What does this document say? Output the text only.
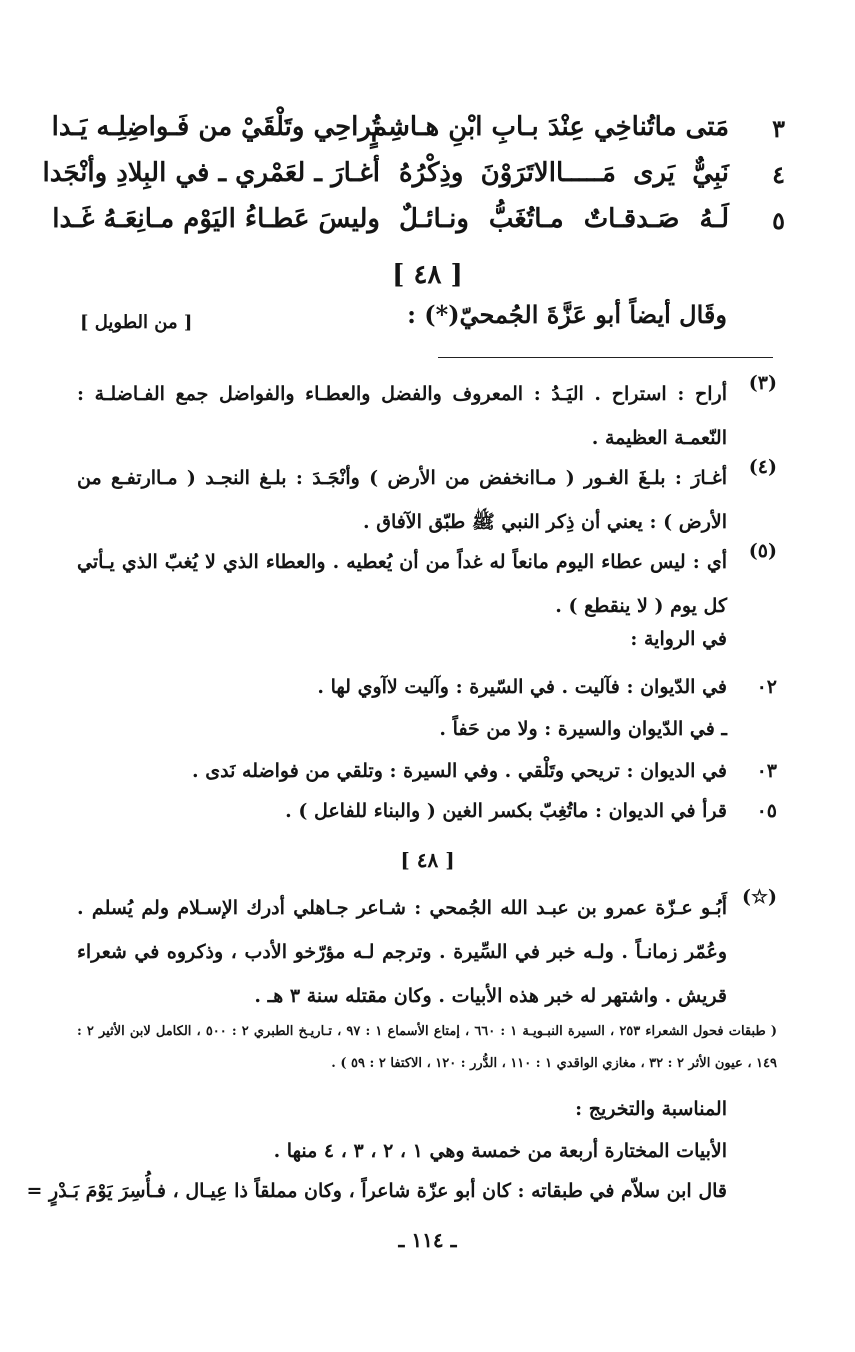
٣
مَتى ماتُناخِي عِنْدَ بـابِ ابْنِ هـاشِمٍ
تُراحِي وتَلْقَيْ من فَـواضِلِـه يَـدا
٤
نَبِيٌّ يَرى مَـــــاالاتَرَوْنَ وذِكْرُهُ
أغـارَ ـ لعَمْري ـ في البِلادِ وأنْجَدا
٥
لَـهُ صَـدقـاتٌ مـاتُغَبُّ ونـائـلٌ
وليسَ عَطـاءُ اليَوْم مـانِعَـهُ غَـدا
[ ٤٨ ]
وقَال أيضاً أبو عَزَّةَ الجُمحيّ(*) :
[ من الطويل ]
(٣)
أراح : استراح . اليَـدُ : المعروف والفضل والعطـاء والفواضل جمع الفـاضلـة : النّعمـة العظيمة .
(٤)
أغـارَ : بلـغَ الغـور ( مـاانخفض من الأرض ) وأنْجَـدَ : بلـغ النجـد ( مـاارتفـع من الأرض ) : يعني أن ذِكر النبي ﷺ طبّق الآفاق .
(٥)
أي : ليس عطاء اليوم مانعاً له غداً من أن يُعطيه . والعطاء الذي لا يُغبّ الذي يـأتي كل يوم ( لا ينقطع ) .
في الرواية :
٠٢
في الدّيوان : فآليت . في السّيرة : وآليت لاآوي لها .
ـ في الدّيوان والسيرة : ولا من حَفاً .
٠٣
في الديوان : تريحي وتَلْقي . وفي السيرة : وتلقي من فواضله نَدى .
٠٥
قرأ في الديوان : ماتُغِبّ بكسر الغين ( والبناء للفاعل ) .
[ ٤٨ ]
(☆)
أَبُـو عـزّة عمرو بن عبـد الله الجُمحي : شـاعر جـاهلي أدرك الإسـلام ولم يُسلم . وعُمّر زمانـاً . ولـه خبر في السِّيرة . وترجم لـه مؤرّخو الأدب ، وذكروه في شعراء قريش . واشتهر له خبر هذه الأبيات . وكان مقتله سنة ٣ هـ .
( طبقات فحول الشعراء ٢٥٣ ، السيرة النبـويـة ١ : ٦٦٠ ، إمتاع الأسماع ١ : ٩٧ ، تـاريـخ الطبري ٢ : ٥٠٠ ، الكامل لابن الأثير ٢ : ١٤٩ ، عيون الأثر ٢ : ٣٢ ، مغازي الواقدي ١ : ١١٠ ، الدُّرر : ١٢٠ ، الاكتفا ٢ : ٥٩ ) .
المناسبة والتخريج :
الأبيات المختارة أربعة من خمسة وهي ١ ، ٢ ، ٣ ، ٤ منها .
قال ابن سلاّم في طبقاته : كان أبو عزّة شاعراً ، وكان مملقاً ذا عِيـال ، فـأُسِرَ يَوْمَ بَـدْرٍ =
ـ ١١٤ ـ
